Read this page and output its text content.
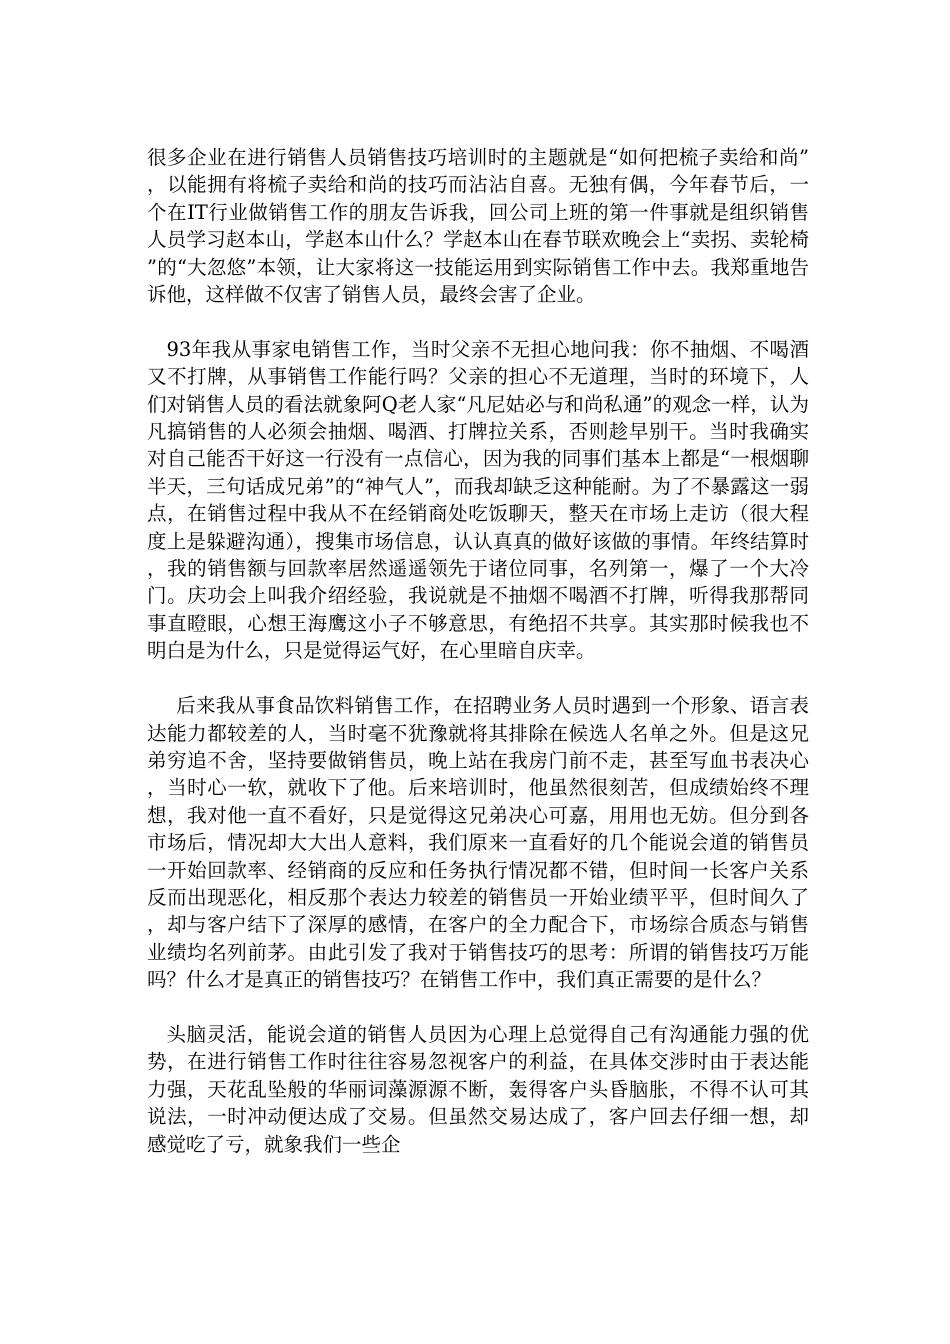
很多企业在进行销售人员销售技巧培训时的主题就是“如何把梳子卖给和尚”，以能拥有将梳子卖给和尚的技巧而沾沾自喜。无独有偶，今年春节后，一个在IT行业做销售工作的朋友告诉我，回公司上班的第一件事就是组织销售人员学习赵本山，学赵本山什么？学赵本山在春节联欢晚会上“卖拐、卖轮椅”的“大忽悠”本领，让大家将这一技能运用到实际销售工作中去。我郑重地告诉他，这样做不仅害了销售人员，最终会害了企业。

93年我从事家电销售工作，当时父亲不无担心地问我：你不抽烟、不喝酒又不打牌，从事销售工作能行吗？父亲的担心不无道理，当时的环境下，人们对销售人员的看法就象阿Q老人家“凡尼姑必与和尚私通”的观念一样，认为凡搞销售的人必须会抽烟、喝酒、打牌拉关系，否则趁早别干。当时我确实对自己能否干好这一行没有一点信心，因为我的同事们基本上都是“一根烟聊半天，三句话成兄弟”的“神气人”，而我却缺乏这种能耐。为了不暴露这一弱点，在销售过程中我从不在经销商处吃饭聊天，整天在市场上走访（很大程度上是躲避沟通），搜集市场信息，认认真真的做好该做的事情。年终结算时，我的销售额与回款率居然遥遥领先于诸位同事，名列第一，爆了一个大冷门。庆功会上叫我介绍经验，我说就是不抽烟不喝酒不打牌，听得我那帮同事直瞪眼，心想王海鹰这小子不够意思，有绝招不共享。其实那时候我也不明白是为什么，只是觉得运气好，在心里暗自庆幸。

后来我从事食品饮料销售工作，在招聘业务人员时遇到一个形象、语言表达能力都较差的人，当时毫不犹豫就将其排除在候选人名单之外。但是这兄弟穷追不舍，坚持要做销售员，晚上站在我房门前不走，甚至写血书表决心，当时心一软，就收下了他。后来培训时，他虽然很刻苦，但成绩始终不理想，我对他一直不看好，只是觉得这兄弟决心可嘉，用用也无妨。但分到各市场后，情况却大大出人意料，我们原来一直看好的几个能说会道的销售员一开始回款率、经销商的反应和任务执行情况都不错，但时间一长客户关系反而出现恶化，相反那个表达力较差的销售员一开始业绩平平，但时间久了，却与客户结下了深厚的感情，在客户的全力配合下，市场综合质态与销售业绩均名列前茅。由此引发了我对于销售技巧的思考：所谓的销售技巧万能吗？什么才是真正的销售技巧？在销售工作中，我们真正需要的是什么？

头脑灵活，能说会道的销售人员因为心理上总觉得自己有沟通能力强的优势，在进行销售工作时往往容易忽视客户的利益，在具体交涉时由于表达能力强，天花乱坠般的华丽词藻源源不断，轰得客户头昏脑胀，不得不认可其说法，一时冲动便达成了交易。但虽然交易达成了，客户回去仔细一想，却感觉吃了亏，就象我们一些企
